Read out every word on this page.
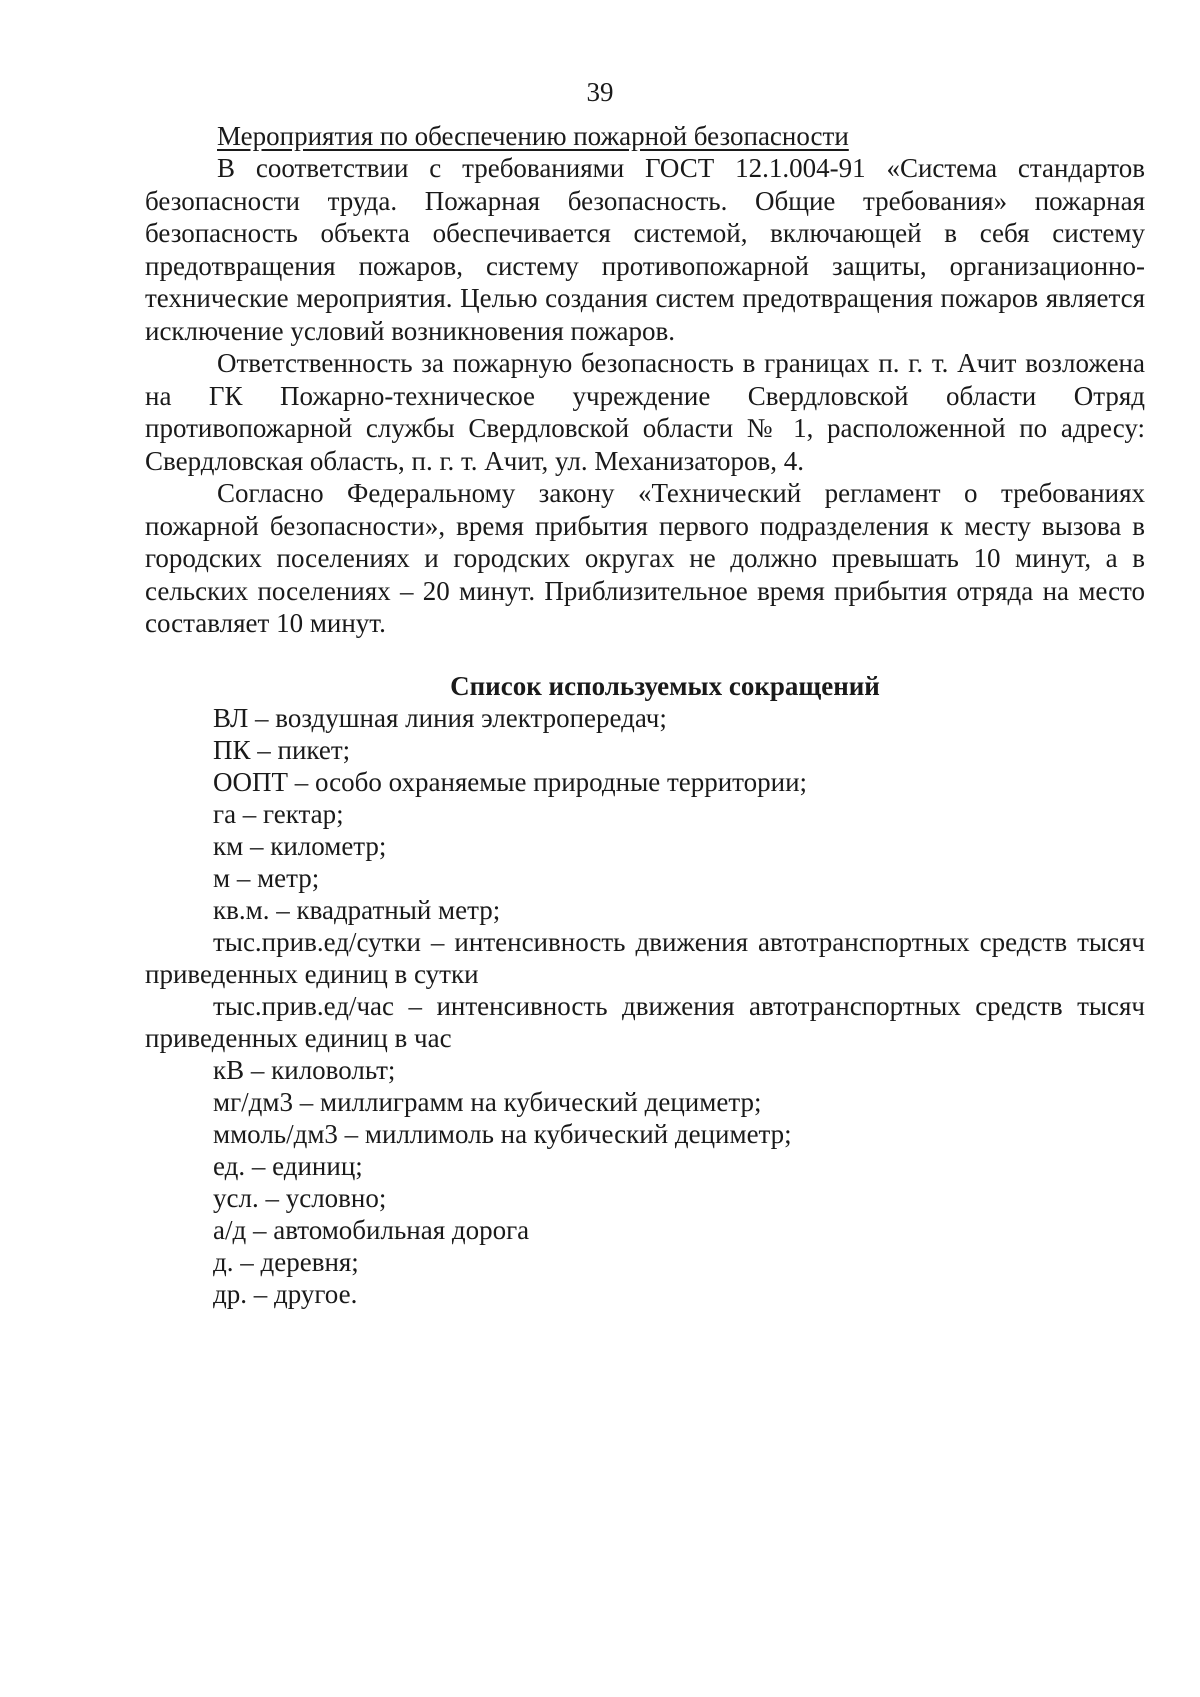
39

Мероприятия по обеспечению пожарной безопасности

В соответствии с требованиями ГОСТ 12.1.004-91 «Система стандартов безопасности труда. Пожарная безопасность. Общие требования» пожарная безопасность объекта обеспечивается системой, включающей в себя систему предотвращения пожаров, систему противопожарной защиты, организационно-технические мероприятия. Целью создания систем предотвращения пожаров является исключение условий возникновения пожаров.

Ответственность за пожарную безопасность в границах п. г. т. Ачит возложена на ГК Пожарно-техническое учреждение Свердловской области Отряд противопожарной службы Свердловской области № 1, расположенной по адресу: Свердловская область, п. г. т. Ачит, ул. Механизаторов, 4.

Согласно Федеральному закону «Технический регламент о требованиях пожарной безопасности», время прибытия первого подразделения к месту вызова в городских поселениях и городских округах не должно превышать 10 минут, а в сельских поселениях – 20 минут. Приблизительное время прибытия отряда на место составляет 10 минут.

Список используемых сокращений

ВЛ – воздушная линия электропередач;
ПК – пикет;
ООПТ – особо охраняемые природные территории;
га – гектар;
км – километр;
м – метр;
кв.м. – квадратный метр;
тыс.прив.ед/сутки – интенсивность движения автотранспортных средств тысяч приведенных единиц в сутки
тыс.прив.ед/час – интенсивность движения автотранспортных средств тысяч приведенных единиц в час
кВ – киловольт;
мг/дм3 – миллиграмм на кубический дециметр;
ммоль/дм3 – миллимоль на кубический дециметр;
ед. – единиц;
усл. – условно;
а/д – автомобильная дорога
д. – деревня;
др. – другое.
